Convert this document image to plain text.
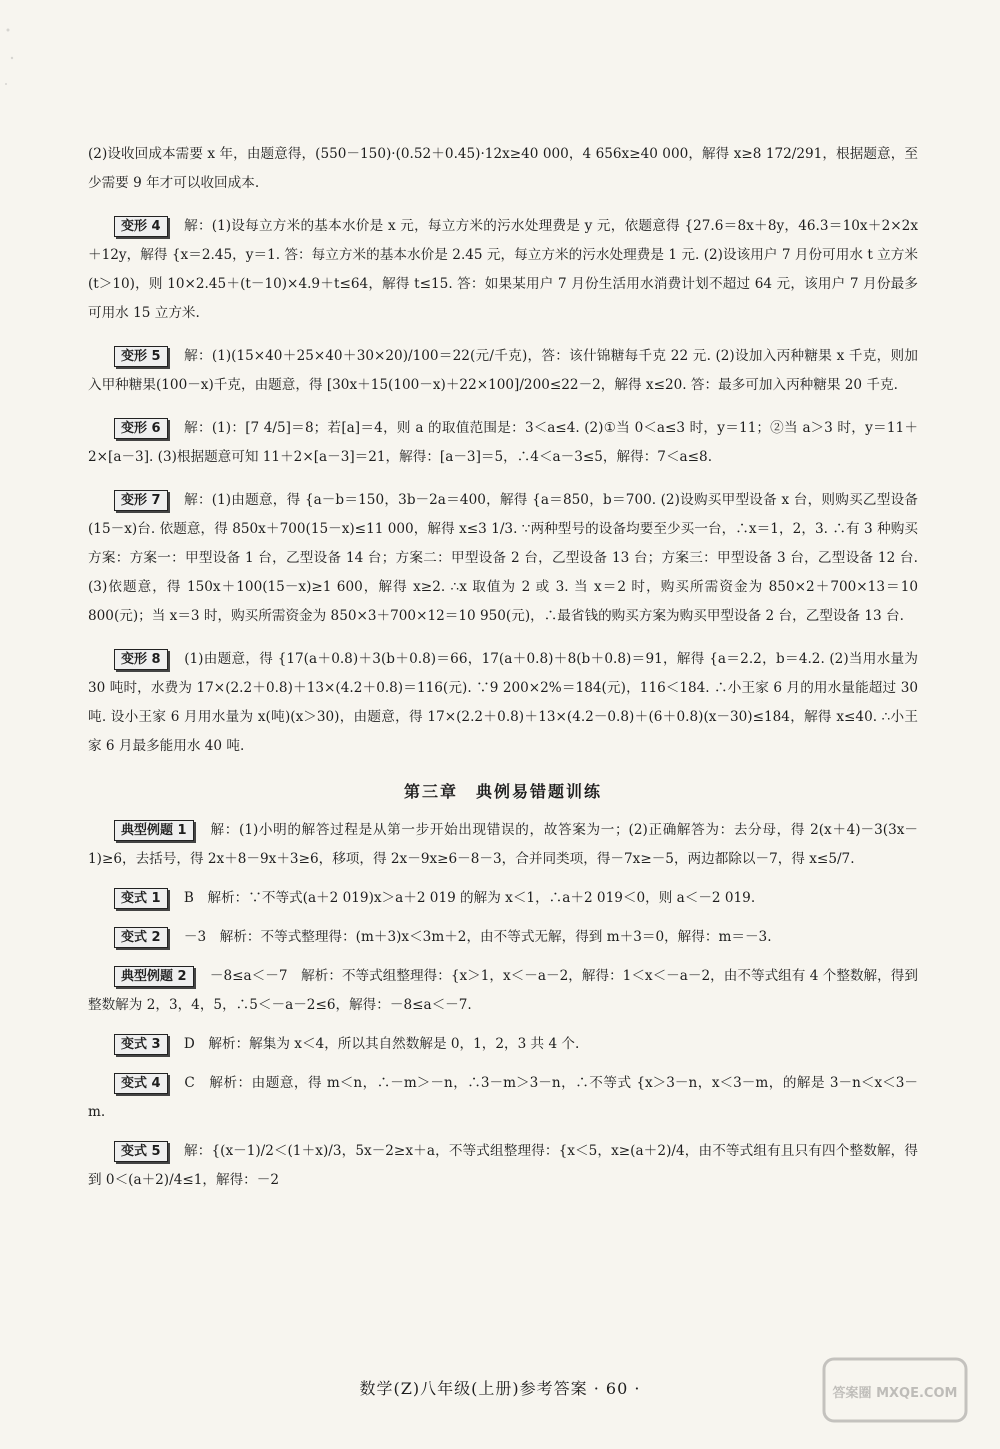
(2)设收回成本需要 x 年，由题意得，(550－150)·(0.52＋0.45)·12x≥40 000，4 656x≥40 000，解得 x≥8 172/291，根据题意，至少需要 9 年才可以收回成本.

变形 4 解：(1)设每立方米的基本水价是 x 元，每立方米的污水处理费是 y 元，依题意得 {27.6＝8x＋8y，46.3＝10x＋2×2x＋12y，解得 {x＝2.45，y＝1. 答：每立方米的基本水价是 2.45 元，每立方米的污水处理费是 1 元. (2)设该用户 7 月份可用水 t 立方米(t＞10)，则 10×2.45＋(t－10)×4.9＋t≤64，解得 t≤15. 答：如果某用户 7 月份生活用水消费计划不超过 64 元，该用户 7 月份最多可用水 15 立方米.

变形 5 解：(1)(15×40＋25×40＋30×20)/100＝22(元/千克)，答：该什锦糖每千克 22 元. (2)设加入丙种糖果 x 千克，则加入甲种糖果(100－x)千克，由题意，得 [30x＋15(100－x)＋22×100]/200≤22－2，解得 x≤20. 答：最多可加入丙种糖果 20 千克.

变形 6 解：(1)：[7 4/5]＝8；若[a]＝4，则 a 的取值范围是：3＜a≤4. (2)①当 0＜a≤3 时，y＝11；②当 a＞3 时，y＝11＋2×[a－3]. (3)根据题意可知 11＋2×[a－3]＝21，解得：[a－3]＝5，∴4＜a－3≤5，解得：7＜a≤8.

变形 7 解：(1)由题意，得 {a－b＝150，3b－2a＝400，解得 {a＝850，b＝700. (2)设购买甲型设备 x 台，则购买乙型设备(15－x)台. 依题意，得 850x＋700(15－x)≤11 000，解得 x≤3 1/3. ∵两种型号的设备均要至少买一台，∴x＝1，2，3. ∴有 3 种购买方案：方案一：甲型设备 1 台，乙型设备 14 台；方案二：甲型设备 2 台，乙型设备 13 台；方案三：甲型设备 3 台，乙型设备 12 台. (3)依题意，得 150x＋100(15－x)≥1 600，解得 x≥2. ∴x 取值为 2 或 3. 当 x＝2 时，购买所需资金为 850×2＋700×13＝10 800(元)；当 x＝3 时，购买所需资金为 850×3＋700×12＝10 950(元)，∴最省钱的购买方案为购买甲型设备 2 台，乙型设备 13 台.

变形 8 (1)由题意，得 {17(a＋0.8)＋3(b＋0.8)＝66，17(a＋0.8)＋8(b＋0.8)＝91，解得 {a＝2.2，b＝4.2. (2)当用水量为 30 吨时，水费为 17×(2.2＋0.8)＋13×(4.2＋0.8)＝116(元). ∵9 200×2%＝184(元)，116＜184. ∴小王家 6 月的用水量能超过 30 吨. 设小王家 6 月用水量为 x(吨)(x＞30)，由题意，得 17×(2.2＋0.8)＋13×(4.2－0.8)＋(6＋0.8)(x－30)≤184，解得 x≤40. ∴小王家 6 月最多能用水 40 吨.

第三章　典例易错题训练

典型例题 1 解：(1)小明的解答过程是从第一步开始出现错误的，故答案为一；(2)正确解答为：去分母，得 2(x＋4)－3(3x－1)≥6，去括号，得 2x＋8－9x＋3≥6，移项，得 2x－9x≥6－8－3，合并同类项，得－7x≥－5，两边都除以－7，得 x≤5/7.

变式 1 B　解析：∵不等式(a＋2 019)x＞a＋2 019 的解为 x＜1，∴a＋2 019＜0，则 a＜－2 019.

变式 2 －3　解析：不等式整理得：(m＋3)x＜3m＋2，由不等式无解，得到 m＋3＝0，解得：m＝－3.

典型例题 2 －8≤a＜－7　解析：不等式组整理得：{x＞1，x＜－a－2，解得：1＜x＜－a－2，由不等式组有 4 个整数解，得到整数解为 2，3，4，5，∴5＜－a－2≤6，解得：－8≤a＜－7.

变式 3 D　解析：解集为 x＜4，所以其自然数解是 0，1，2，3 共 4 个.

变式 4 C　解析：由题意，得 m＜n，∴－m＞－n，∴3－m＞3－n，∴不等式 {x＞3－n，x＜3－m，的解是 3－n＜x＜3－m.

变式 5 解：{(x－1)/2＜(1＋x)/3，5x－2≥x＋a，不等式组整理得：{x＜5，x≥(a＋2)/4，由不等式组有且只有四个整数解，得到 0＜(a＋2)/4≤1，解得：－2

数学(Z)八年级(上册)参考答案 · 60 ·	答案圈 MXQE.COM
